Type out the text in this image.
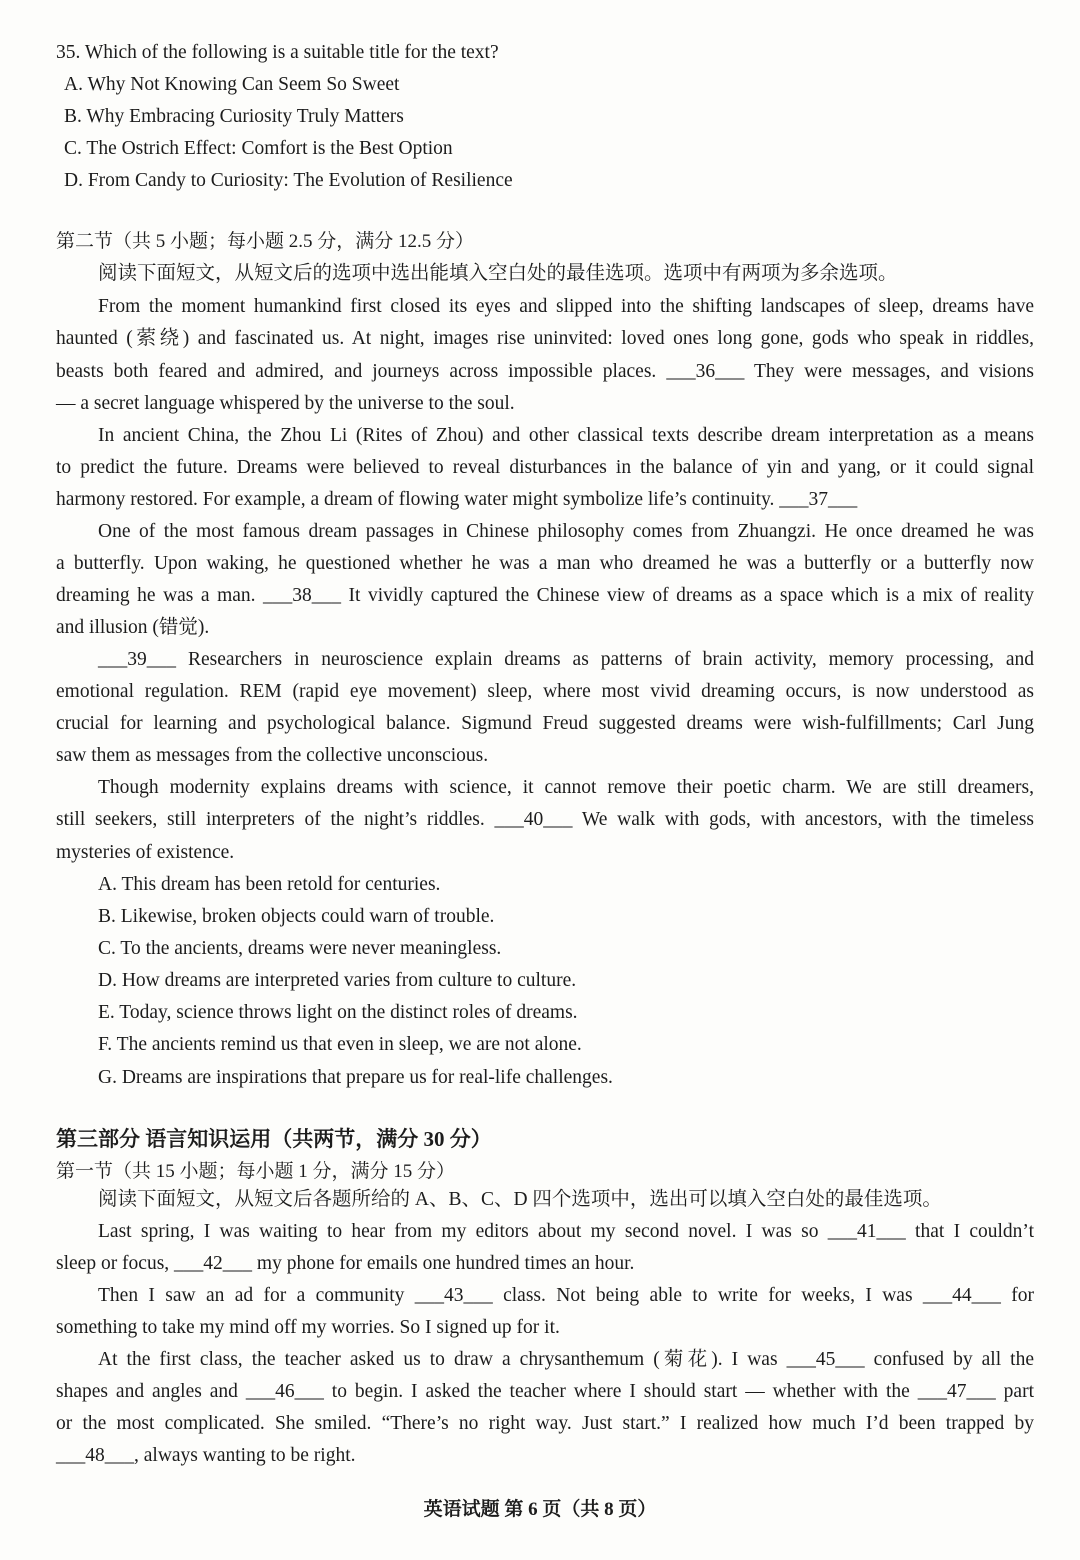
35. Which of the following is a suitable title for the text?
A. Why Not Knowing Can Seem So Sweet
B. Why Embracing Curiosity Truly Matters
C. The Ostrich Effect: Comfort is the Best Option
D. From Candy to Curiosity: The Evolution of Resilience
第二节（共 5 小题；每小题 2.5 分，满分 12.5 分）
阅读下面短文，从短文后的选项中选出能填入空白处的最佳选项。选项中有两项为多余选项。
From the moment humankind first closed its eyes and slipped into the shifting landscapes of sleep, dreams have
haunted (萦绕) and fascinated us. At night, images rise uninvited: loved ones long gone, gods who speak in riddles,
beasts both feared and admired, and journeys across impossible places. ___36___ They were messages, and visions
— a secret language whispered by the universe to the soul.
In ancient China, the Zhou Li (Rites of Zhou) and other classical texts describe dream interpretation as a means
to predict the future. Dreams were believed to reveal disturbances in the balance of yin and yang, or it could signal
harmony restored. For example, a dream of flowing water might symbolize life’s continuity. ___37___
One of the most famous dream passages in Chinese philosophy comes from Zhuangzi. He once dreamed he was
a butterfly. Upon waking, he questioned whether he was a man who dreamed he was a butterfly or a butterfly now
dreaming he was a man. ___38___ It vividly captured the Chinese view of dreams as a space which is a mix of reality
and illusion (错觉).
___39___ Researchers in neuroscience explain dreams as patterns of brain activity, memory processing, and
emotional regulation. REM (rapid eye movement) sleep, where most vivid dreaming occurs, is now understood as
crucial for learning and psychological balance. Sigmund Freud suggested dreams were wish-fulfillments; Carl Jung
saw them as messages from the collective unconscious.
Though modernity explains dreams with science, it cannot remove their poetic charm. We are still dreamers,
still seekers, still interpreters of the night’s riddles. ___40___ We walk with gods, with ancestors, with the timeless
mysteries of existence.
A. This dream has been retold for centuries.
B. Likewise, broken objects could warn of trouble.
C. To the ancients, dreams were never meaningless.
D. How dreams are interpreted varies from culture to culture.
E. Today, science throws light on the distinct roles of dreams.
F. The ancients remind us that even in sleep, we are not alone.
G. Dreams are inspirations that prepare us for real-life challenges.
第三部分 语言知识运用（共两节，满分 30 分）
第一节（共 15 小题；每小题 1 分，满分 15 分）
阅读下面短文，从短文后各题所给的 A、B、C、D 四个选项中，选出可以填入空白处的最佳选项。
Last spring, I was waiting to hear from my editors about my second novel. I was so ___41___ that I couldn’t
sleep or focus, ___42___ my phone for emails one hundred times an hour.
Then I saw an ad for a community ___43___ class. Not being able to write for weeks, I was ___44___ for
something to take my mind off my worries. So I signed up for it.
At the first class, the teacher asked us to draw a chrysanthemum (菊花). I was ___45___ confused by all the
shapes and angles and ___46___ to begin. I asked the teacher where I should start — whether with the ___47___ part
or the most complicated. She smiled. “There’s no right way. Just start.” I realized how much I’d been trapped by
___48___, always wanting to be right.
英语试题 第 6 页（共 8 页）
